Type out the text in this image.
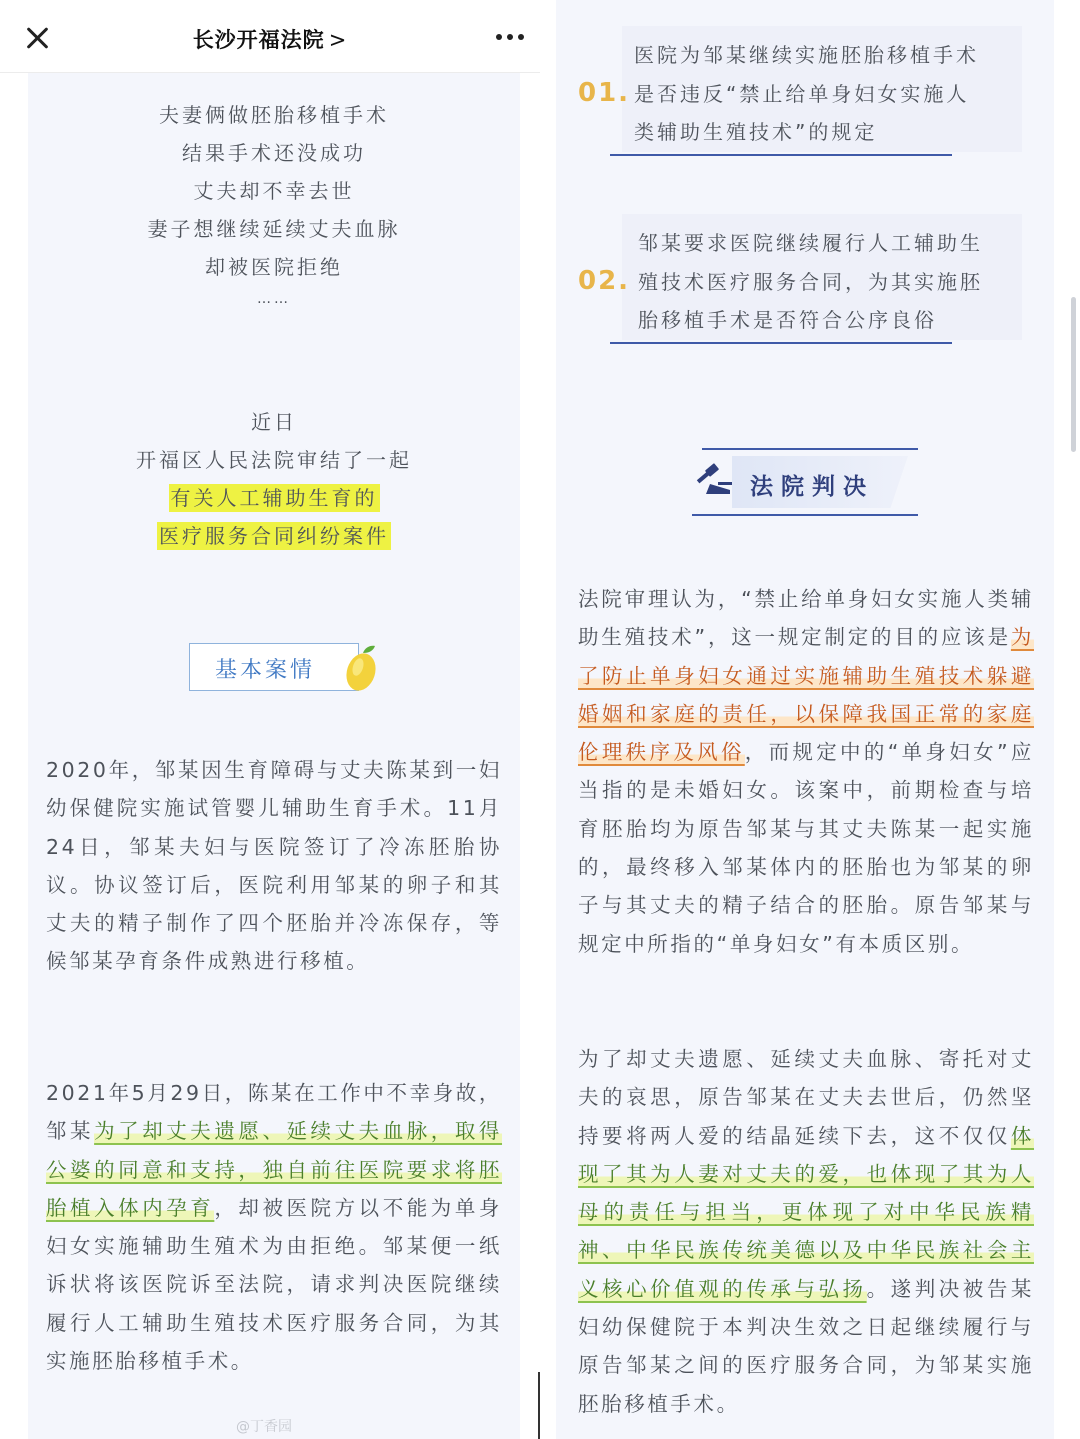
长沙开福法院 >
夫妻俩做胚胎移植手术
结果手术还没成功
丈夫却不幸去世
妻子想继续延续丈夫血脉
却被医院拒绝
……
近日
开福区人民法院审结了一起
有关人工辅助生育的
医疗服务合同纠纷案件
基本案情

2020年，邹某因生育障碍与丈夫陈某到一妇幼保健院实施试管婴儿辅助生育手术。11月24日，邹某夫妇与医院签订了冷冻胚胎协议。协议签订后，医院利用邹某的卵子和其丈夫的精子制作了四个胚胎并冷冻保存，等候邹某孕育条件成熟进行移植。

2021年5月29日，陈某在工作中不幸身故，邹某为了却丈夫遗愿、延续丈夫血脉，取得公婆的同意和支持，独自前往医院要求将胚胎植入体内孕育，却被医院方以不能为单身妇女实施辅助生殖术为由拒绝。邹某便一纸诉状将该医院诉至法院，请求判决医院继续履行人工辅助生殖技术医疗服务合同，为其实施胚胎移植手术。

@丁香园
01.
医院为邹某继续实施胚胎移植手术
是否违反“禁止给单身妇女实施人
类辅助生殖技术”的规定
02.
邹某要求医院继续履行人工辅助生
殖技术医疗服务合同，为其实施胚
胎移植手术是否符合公序良俗
法院判决

法院审理认为，“禁止给单身妇女实施人类辅助生殖技术”，这一规定制定的目的应该是为了防止单身妇女通过实施辅助生殖技术躲避婚姻和家庭的责任，以保障我国正常的家庭伦理秩序及风俗，而规定中的“单身妇女”应当指的是未婚妇女。该案中，前期检查与培育胚胎均为原告邹某与其丈夫陈某一起实施的，最终移入邹某体内的胚胎也为邹某的卵子与其丈夫的精子结合的胚胎。原告邹某与规定中所指的“单身妇女”有本质区别。

为了却丈夫遗愿、延续丈夫血脉、寄托对丈夫的哀思，原告邹某在丈夫去世后，仍然坚持要将两人爱的结晶延续下去，这不仅仅体现了其为人妻对丈夫的爱，也体现了其为人母的责任与担当，更体现了对中华民族精神、中华民族传统美德以及中华民族社会主义核心价值观的传承与弘扬。遂判决被告某妇幼保健院于本判决生效之日起继续履行与原告邹某之间的医疗服务合同，为邹某实施胚胎移植手术。
